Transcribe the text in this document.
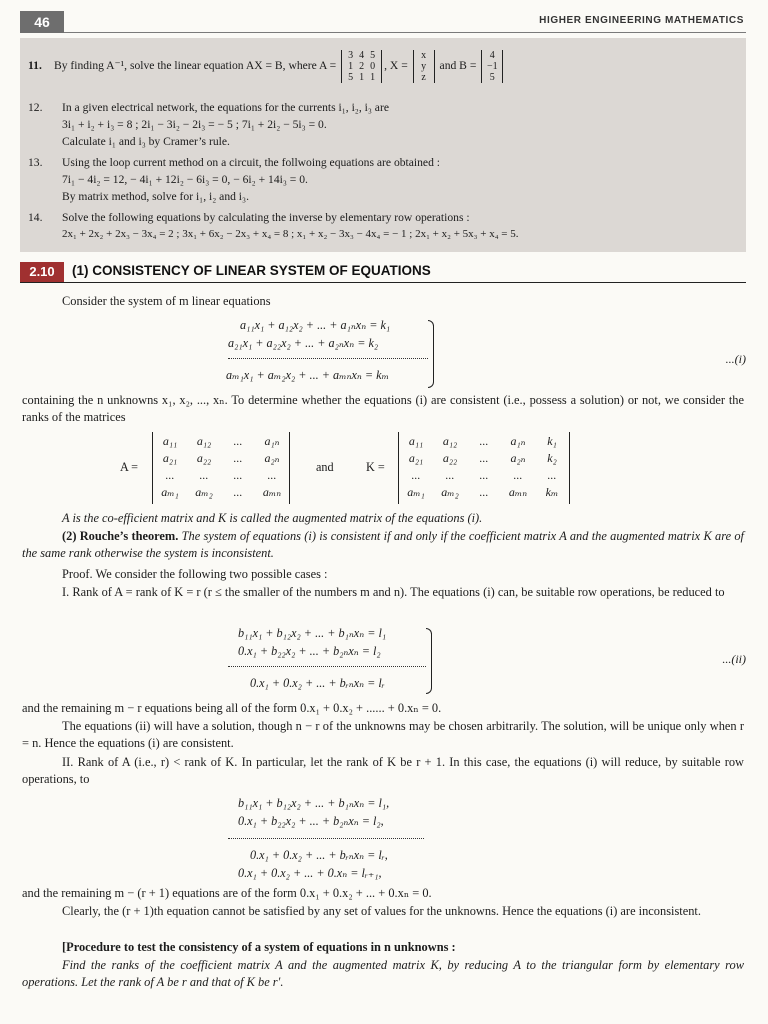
46	HIGHER ENGINEERING MATHEMATICS
11. By finding A⁻¹, solve the linear equation AX = B, where A =
3 4 5
1 2 0
5 1 1
, X =
x
y
z
and B =
4
−1
5
12. In a given electrical network, the equations for the currents i₁, i₂, i₃ are
3i₁ + i₂ + i₃ = 8 ; 2i₁ − 3i₂ − 2i₃ = − 5 ; 7i₁ + 2i₂ − 5i₃ = 0.
Calculate i₁ and i₃ by Cramer’s rule.
13. Using the loop current method on a circuit, the follwoing equations are obtained :
7i₁ − 4i₂ = 12, − 4i₁ + 12i₂ − 6i₃ = 0, − 6i₂ + 14i₃ = 0.
By matrix method, solve for i₁, i₂ and i₃.
14. Solve the following equations by calculating the inverse by elementary row operations :
2x₁ + 2x₂ + 2x₃ − 3x₄ = 2 ; 3x₁ + 6x₂ − 2x₃ + x₄ = 8 ; x₁ + x₂ − 3x₃ − 4x₄ = − 1 ; 2x₁ + x₂ + 5x₃ + x₄ = 5.
2.10	(1) CONSISTENCY OF LINEAR SYSTEM OF EQUATIONS
Consider the system of m linear equations
a₁₁x₁ + a₁₂x₂ + ... + a₁ₙxₙ = k₁
a₂₁x₁ + a₂₂x₂ + ... + a₂ₙxₙ = k₂
aₘ₁x₁ + aₘ₂x₂ + ... + aₘₙxₙ = kₘ
...(i)
containing the n unknowns x₁, x₂, ..., xₙ. To determine whether the equations (i) are consistent (i.e., possess a solution) or not, we consider the ranks of the matrices
A =
a₁₁ a₁₂ ... a₁ₙ
a₂₁ a₂₂ ... a₂ₙ
... ... ... ...
aₘ₁ aₘ₂ ... aₘₙ
and	K =
a₁₁ a₁₂ ... a₁ₙ k₁
a₂₁ a₂₂ ... a₂ₙ k₂
... ... ... ... ...
aₘ₁ aₘ₂ ... aₘₙ kₘ
A is the co-efficient matrix and K is called the augmented matrix of the equations (i).
(2) Rouche’s theorem. The system of equations (i) is consistent if and only if the coefficient matrix A and the augmented matrix K are of the same rank otherwise the system is inconsistent.
Proof. We consider the following two possible cases :
I. Rank of A = rank of K = r (r ≤ the smaller of the numbers m and n). The equations (i) can, be suitable row operations, be reduced to
b₁₁x₁ + b₁₂x₂ + ... + b₁ₙxₙ = l₁
0.x₁ + b₂₂x₂ + ... + b₂ₙxₙ = l₂
0.x₁ + 0.x₂ + ... + bᵣₙxₙ = lᵣ
...(ii)
and the remaining m − r equations being all of the form 0.x₁ + 0.x₂ + ...... + 0.xₙ = 0.
The equations (ii) will have a solution, though n − r of the unknowns may be chosen arbitrarily. The solution, will be unique only when r = n. Hence the equations (i) are consistent.
II. Rank of A (i.e., r) < rank of K. In particular, let the rank of K be r + 1. In this case, the equations (i) will reduce, by suitable row operations, to
b₁₁x₁ + b₁₂x₂ + ... + b₁ₙxₙ = l₁,
0.x₁ + b₂₂x₂ + ... + b₂ₙxₙ = l₂,
0.x₁ + 0.x₂ + ... + bᵣₙxₙ = lᵣ,
0.x₁ + 0.x₂ + ... + 0.xₙ = lᵣ₊₁,
and the remaining m − (r + 1) equations are of the form 0.x₁ + 0.x₂ + ... + 0.xₙ = 0.
Clearly, the (r + 1)th equation cannot be satisfied by any set of values for the unknowns. Hence the equations (i) are inconsistent.
[Procedure to test the consistency of a system of equations in n unknowns :
Find the ranks of the coefficient matrix A and the augmented matrix K, by reducing A to the triangular form by elementary row operations. Let the rank of A be r and that of K be r′.
